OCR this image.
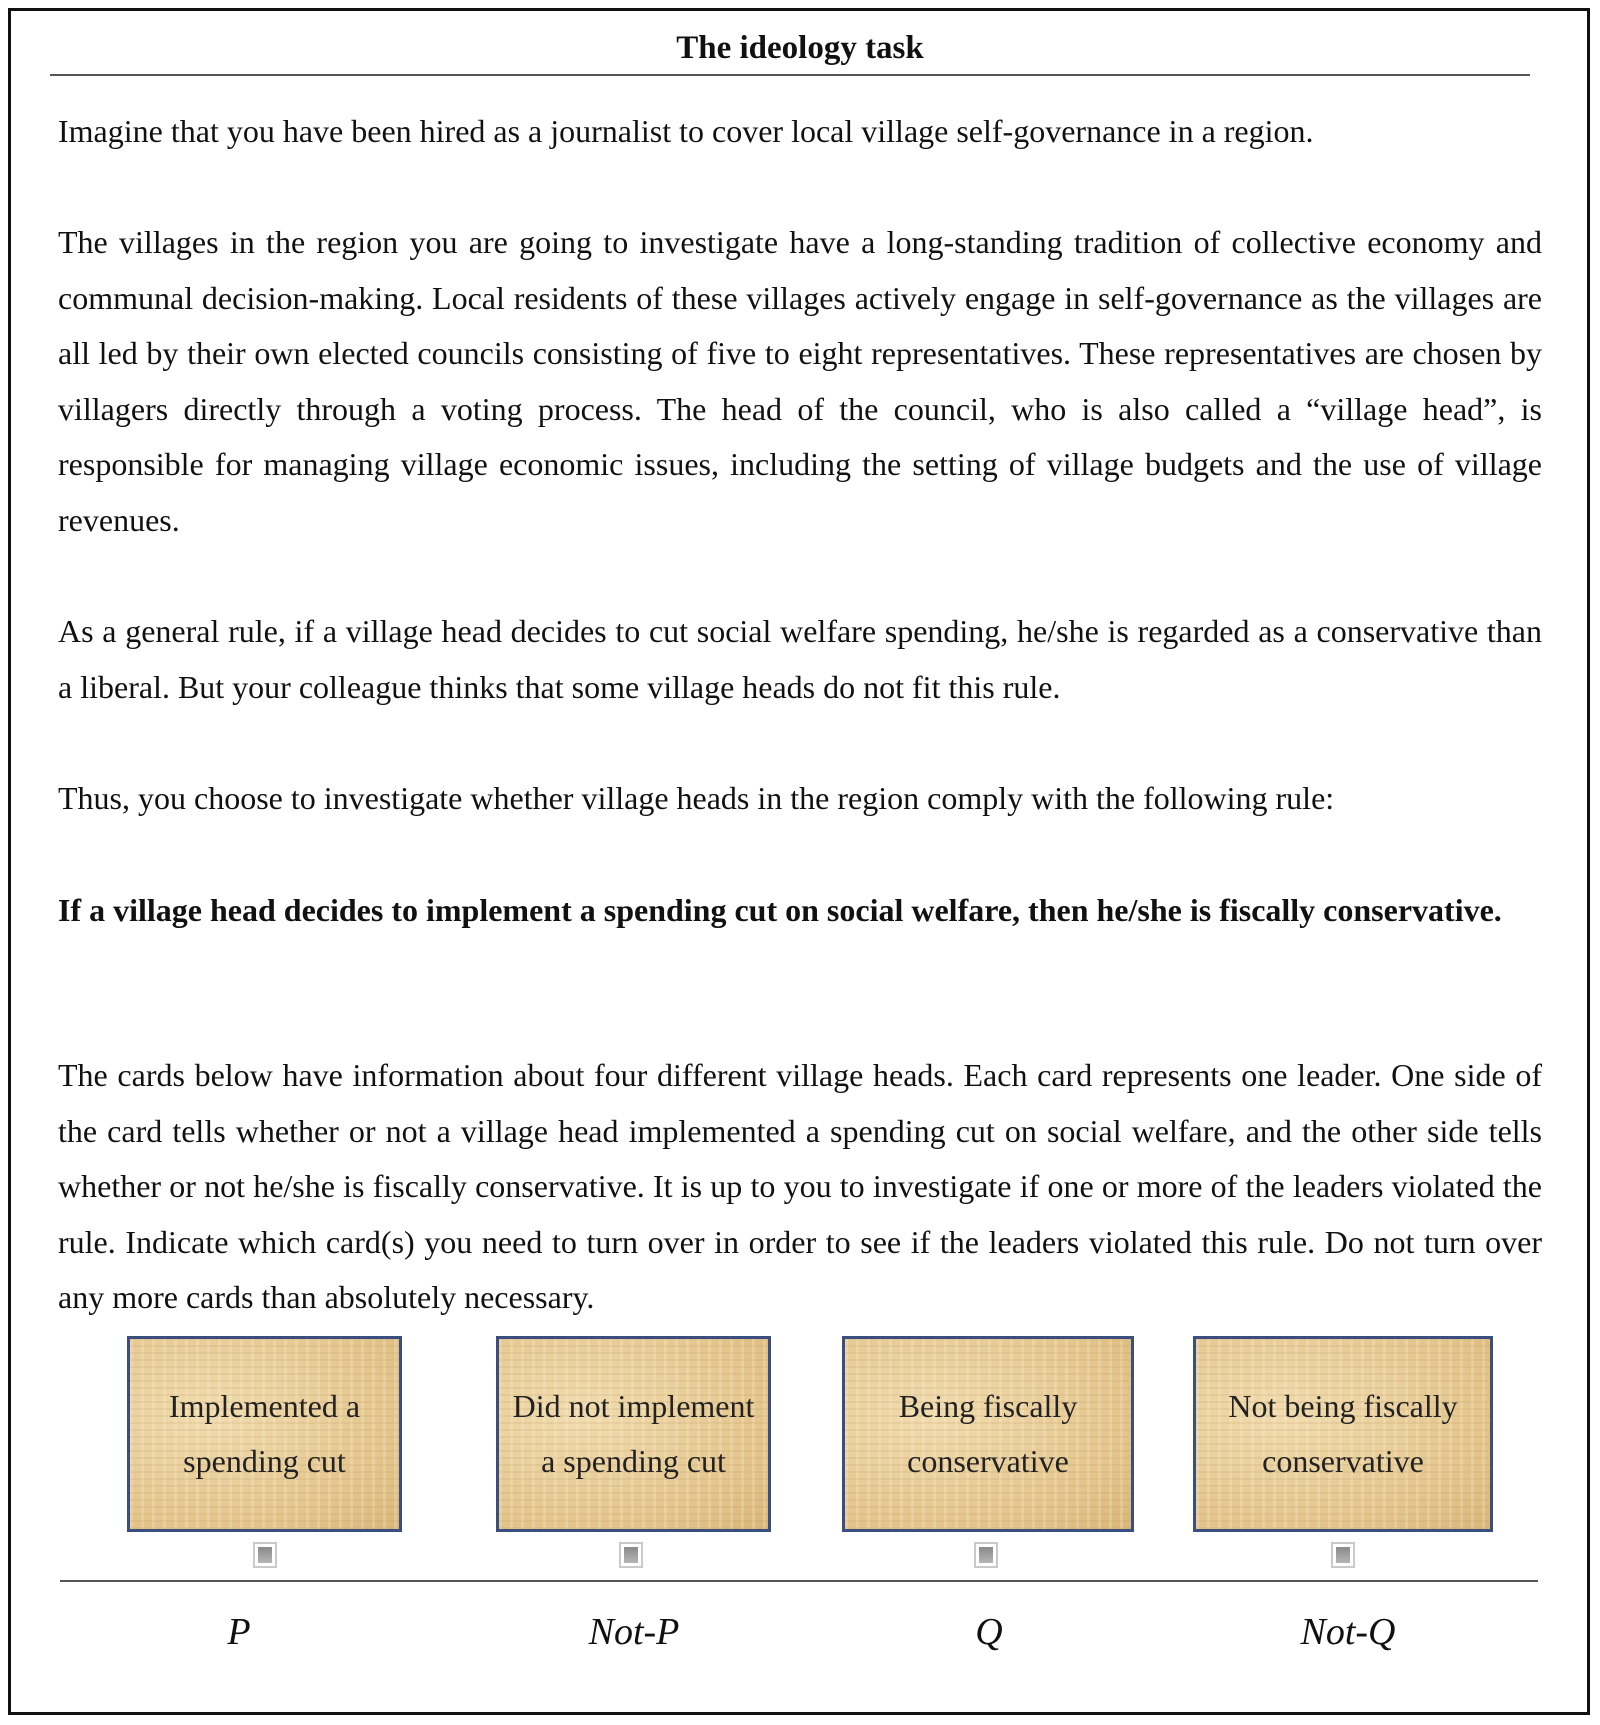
The ideology task

Imagine that you have been hired as a journalist to cover local village self-governance in a region.

The villages in the region you are going to investigate have a long-standing tradition of collective economy and communal decision-making. Local residents of these villages actively engage in self-governance as the villages are all led by their own elected councils consisting of five to eight representatives. These representatives are chosen by villagers directly through a voting process. The head of the council, who is also called a “village head”, is responsible for managing village economic issues, including the setting of village budgets and the use of village revenues.

As a general rule, if a village head decides to cut social welfare spending, he/she is regarded as a conservative than a liberal. But your colleague thinks that some village heads do not fit this rule.

Thus, you choose to investigate whether village heads in the region comply with the following rule:

If a village head decides to implement a spending cut on social welfare, then he/she is fiscally conservative.

The cards below have information about four different village heads. Each card represents one leader. One side of the card tells whether or not a village head implemented a spending cut on social welfare, and the other side tells whether or not he/she is fiscally conservative. It is up to you to investigate if one or more of the leaders violated the rule. Indicate which card(s) you need to turn over in order to see if the leaders violated this rule. Do not turn over any more cards than absolutely necessary.

Implemented a spending cut
Did not implement a spending cut
Being fiscally conservative
Not being fiscally conservative
P	Not-P	Q	Not-Q
